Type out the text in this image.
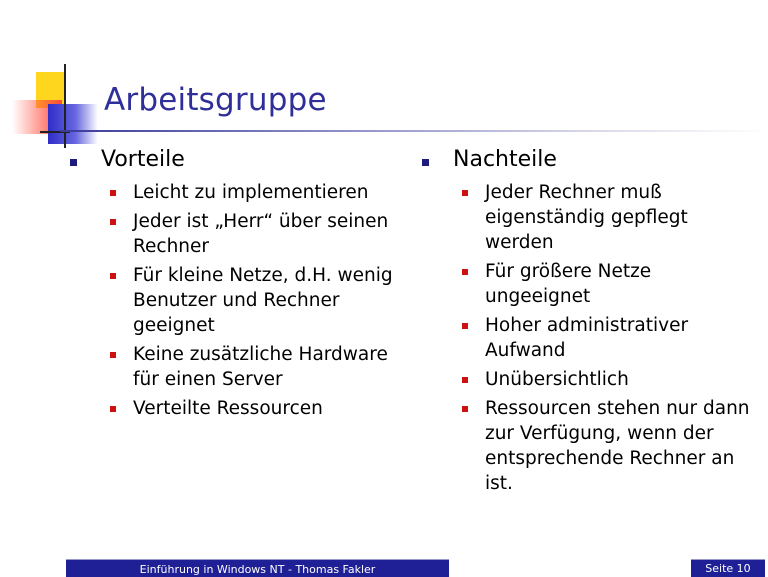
Arbeitsgruppe
Vorteile
Leicht zu implementieren
Jeder ist „Herr“ über seinen Rechner
Für kleine Netze, d.H. wenig Benutzer und Rechner geeignet
Keine zusätzliche Hardware für einen Server
Verteilte Ressourcen
Nachteile
Jeder Rechner muß eigenständig gepflegt werden
Für größere Netze ungeeignet
Hoher administrativer Aufwand
Unübersichtlich
Ressourcen stehen nur dann zur Verfügung, wenn der entsprechende Rechner an ist.
Einführung in Windows NT - Thomas Fakler	Seite 10
